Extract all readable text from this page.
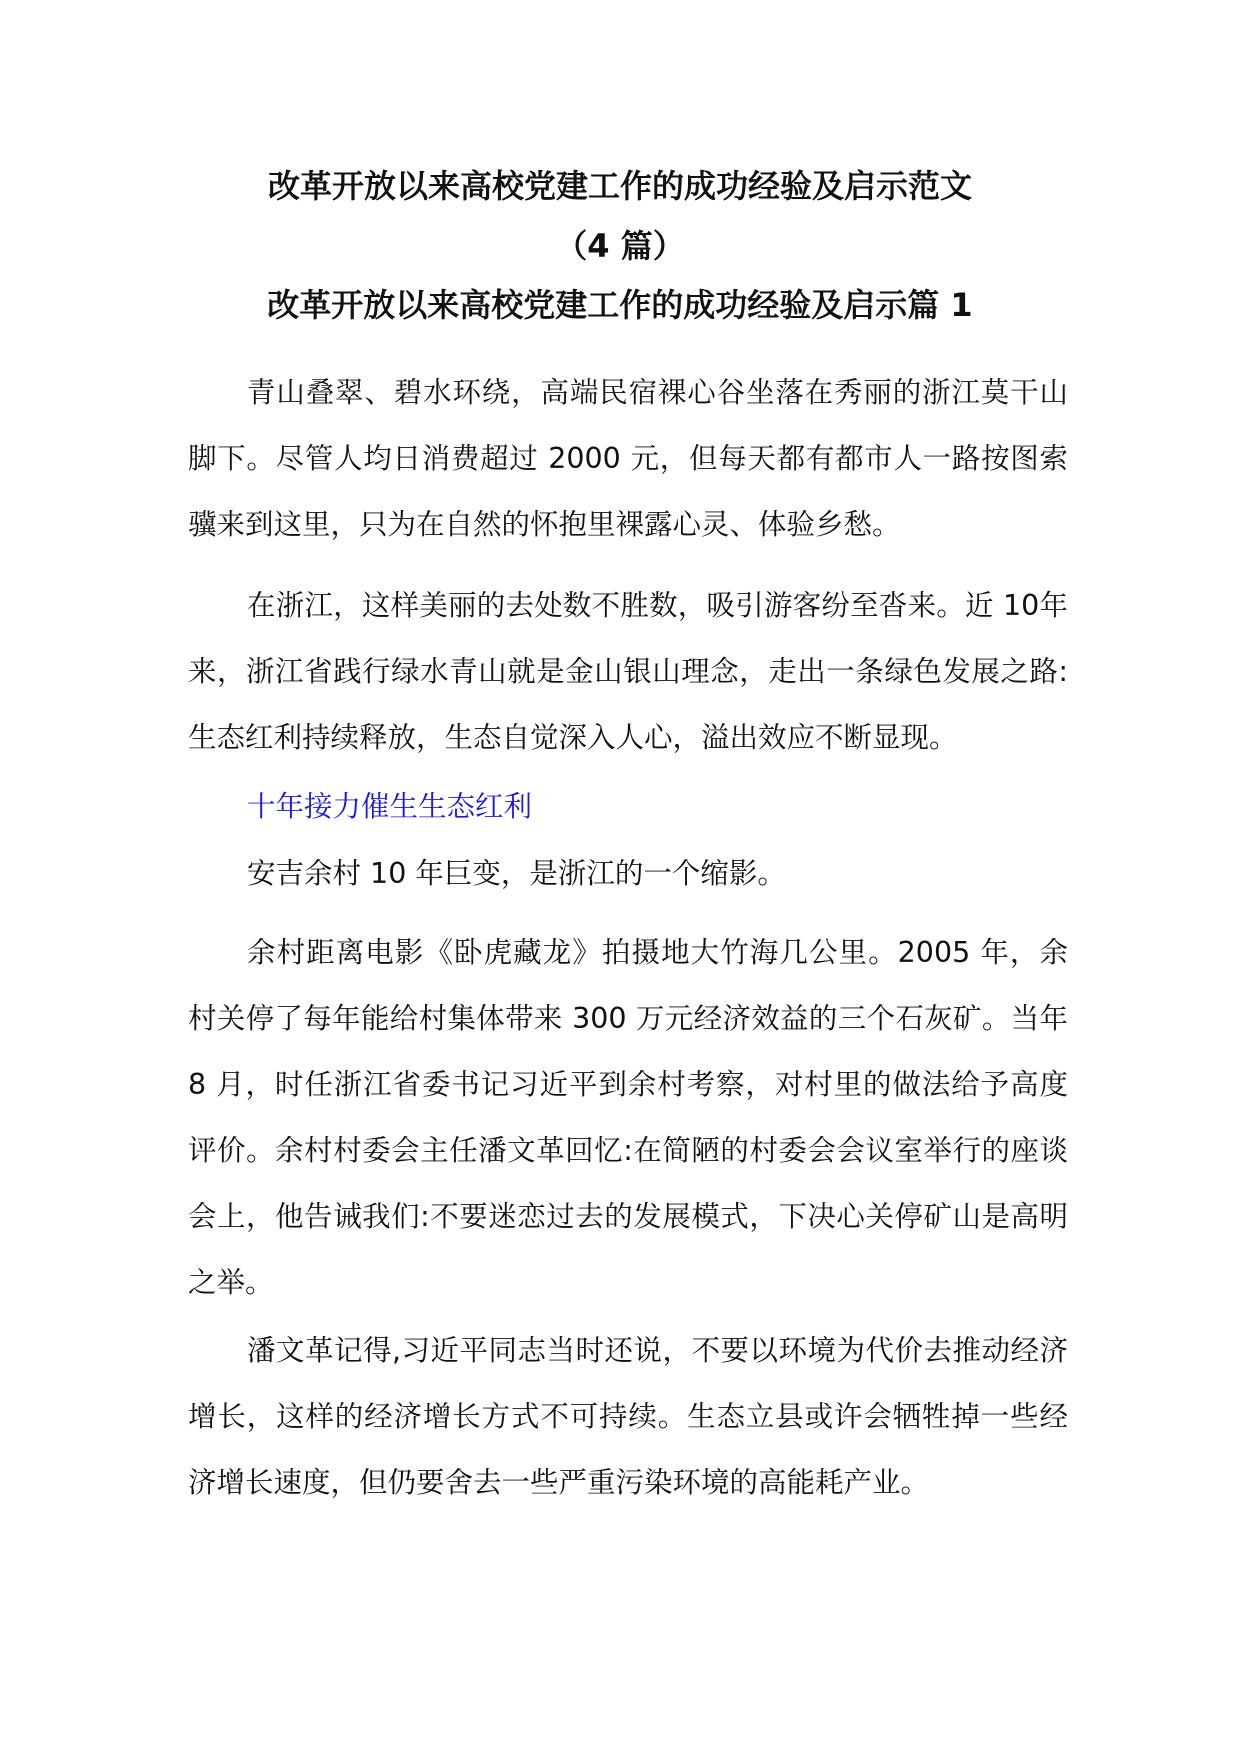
改革开放以来高校党建工作的成功经验及启示范文
（4 篇）
改革开放以来高校党建工作的成功经验及启示篇 1

青山叠翠、碧水环绕，高端民宿裸心谷坐落在秀丽的浙江莫干山脚下。尽管人均日消费超过 2000 元，但每天都有都市人一路按图索骥来到这里，只为在自然的怀抱里裸露心灵、体验乡愁。

在浙江，这样美丽的去处数不胜数，吸引游客纷至沓来。近 10年来，浙江省践行绿水青山就是金山银山理念，走出一条绿色发展之路:生态红利持续释放，生态自觉深入人心，溢出效应不断显现。

十年接力催生生态红利

安吉余村 10 年巨变，是浙江的一个缩影。

余村距离电影《卧虎藏龙》拍摄地大竹海几公里。2005 年，余村关停了每年能给村集体带来 300 万元经济效益的三个石灰矿。当年 8 月，时任浙江省委书记习近平到余村考察，对村里的做法给予高度评价。余村村委会主任潘文革回忆:在简陋的村委会会议室举行的座谈会上，他告诫我们:不要迷恋过去的发展模式，下决心关停矿山是高明之举。

潘文革记得,习近平同志当时还说，不要以环境为代价去推动经济增长，这样的经济增长方式不可持续。生态立县或许会牺牲掉一些经济增长速度，但仍要舍去一些严重污染环境的高能耗产业。
